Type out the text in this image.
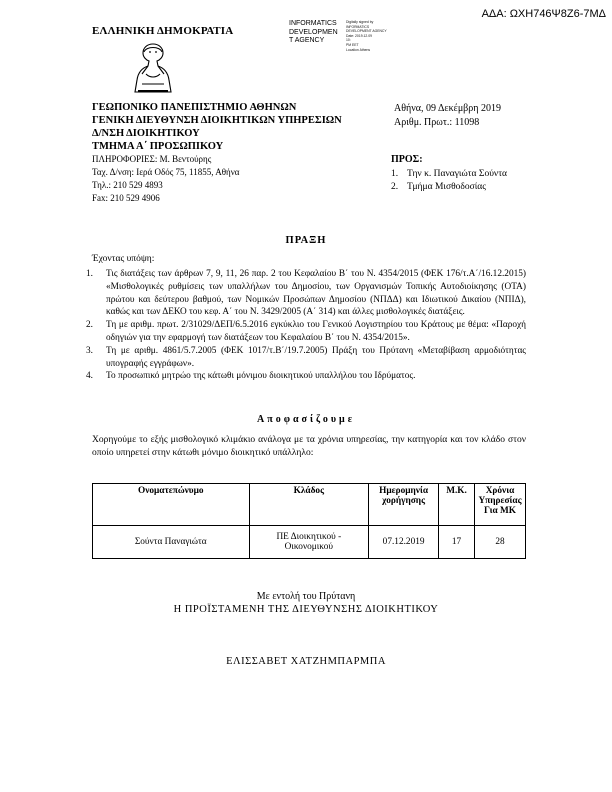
ΑΔΑ: ΩΧΗ746Ψ8Ζ6-7ΜΔ
ΕΛΛΗΝΙΚΗ ΔΗΜΟΚΡΑΤΙΑ
INFORMATICS
DEVELOPMEN
T AGENCY
Digitally signed by
INFORMATICS
DEVELOPMENT AGENCY
Date: 2019.12.09
10:
PM EET
Location Athens
ΓΕΩΠΟΝΙΚΟ ΠΑΝΕΠΙΣΤΗΜΙΟ ΑΘΗΝΩΝ
ΓΕΝΙΚΗ ΔΙΕΥΘΥΝΣΗ ΔΙΟΙΚΗΤΙΚΩΝ ΥΠΗΡΕΣΙΩΝ
Δ/ΝΣΗ ΔΙΟΙΚΗΤΙΚΟΥ
ΤΜΗΜΑ Α΄ ΠΡΟΣΩΠΙΚΟΥ
ΠΛΗΡΟΦΟΡΙΕΣ: Μ. Βεντούρης
Ταχ. Δ/νση: Ιερά Οδός 75, 11855, Αθήνα
Τηλ.: 210 529 4893
Fax: 210 529 4906
Αθήνα, 09 Δεκέμβρη 2019
Αριθμ. Πρωτ.: 11098
ΠΡΟΣ:
1. Την κ. Παναγιώτα Σούντα
2. Τμήμα Μισθοδοσίας
ΠΡΑΞΗ
Έχοντας υπόψη:
1.	Τις διατάξεις των άρθρων 7, 9, 11, 26 παρ. 2 του Κεφαλαίου Β΄ του Ν. 4354/2015 (ΦΕΚ 176/τ.Α΄/16.12.2015) «Μισθολογικές ρυθμίσεις των υπαλλήλων του Δημοσίου, των Οργανισμών Τοπικής Αυτοδιοίκησης (ΟΤΑ) πρώτου και δεύτερου βαθμού, των Νομικών Προσώπων Δημοσίου (ΝΠΔΔ) και Ιδιωτικού Δικαίου (ΝΠΙΔ), καθώς και των ΔΕΚΟ του κεφ. Α΄ του Ν. 3429/2005 (Α΄ 314) και άλλες μισθολογικές διατάξεις.
2.	Τη με αριθμ. πρωτ. 2/31029/ΔΕΠ/6.5.2016 εγκύκλιο του Γενικού Λογιστηρίου του Κράτους με θέμα: «Παροχή οδηγιών για την εφαρμογή των διατάξεων του Κεφαλαίου Β΄ του Ν. 4354/2015».
3.	Τη με αριθμ. 4861/5.7.2005 (ΦΕΚ 1017/τ.Β΄/19.7.2005) Πράξη του Πρύτανη «Μεταβίβαση αρμοδιότητας υπογραφής εγγράφων».
4.	Το προσωπικό μητρώο της κάτωθι μόνιμου διοικητικού υπαλλήλου του Ιδρύματος.
Αποφασίζουμε
Χορηγούμε το εξής μισθολογικό κλιμάκιο ανάλογα με τα χρόνια υπηρεσίας, την κατηγορία και τον κλάδο στον οποίο υπηρετεί στην κάτωθι μόνιμο διοικητικό υπάλληλο:
Ονοματεπώνυμο	Κλάδος	Ημερομηνία χορήγησης	Μ.Κ.	Χρόνια Υπηρεσίας Για ΜΚ
Σούντα Παναγιώτα	ΠΕ Διοικητικού - Οικονομικού	07.12.2019	17	28
Με εντολή του Πρύτανη
Η ΠΡΟΪΣΤΑΜΕΝΗ ΤΗΣ ΔΙΕΥΘΥΝΣΗΣ ΔΙΟΙΚΗΤΙΚΟΥ
ΕΛΙΣΣΑΒΕΤ ΧΑΤΖΗΜΠΑΡΜΠΑ
